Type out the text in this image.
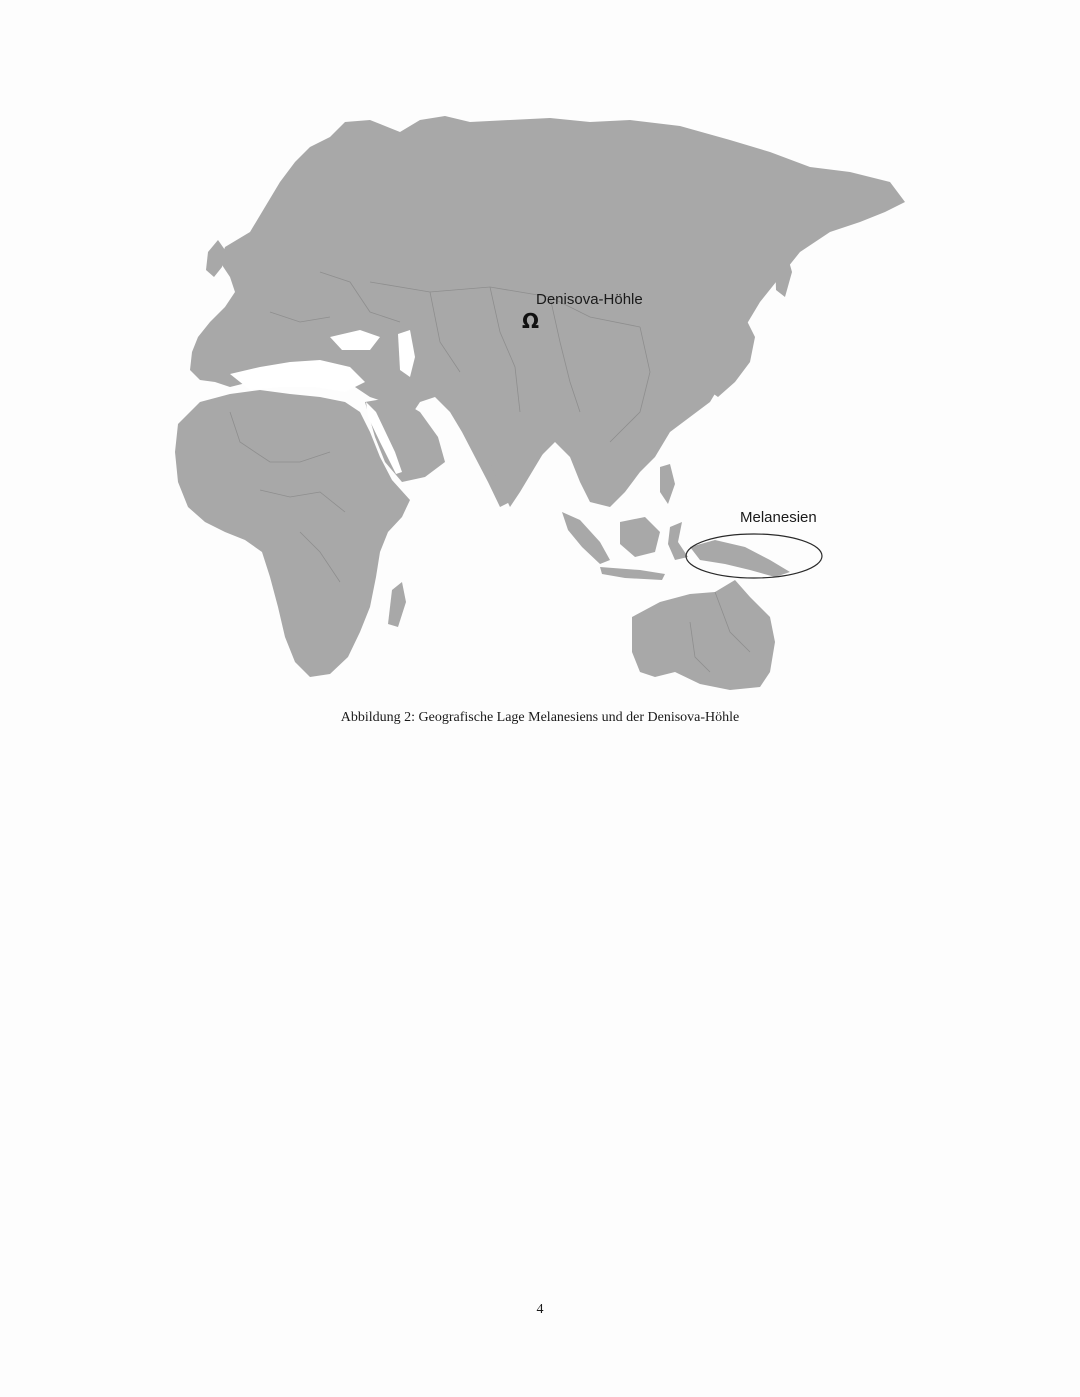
Denisova-Höhle
Ω
Melanesien
Abbildung 2: Geografische Lage Melanesiens und der Denisova-Höhle
4
